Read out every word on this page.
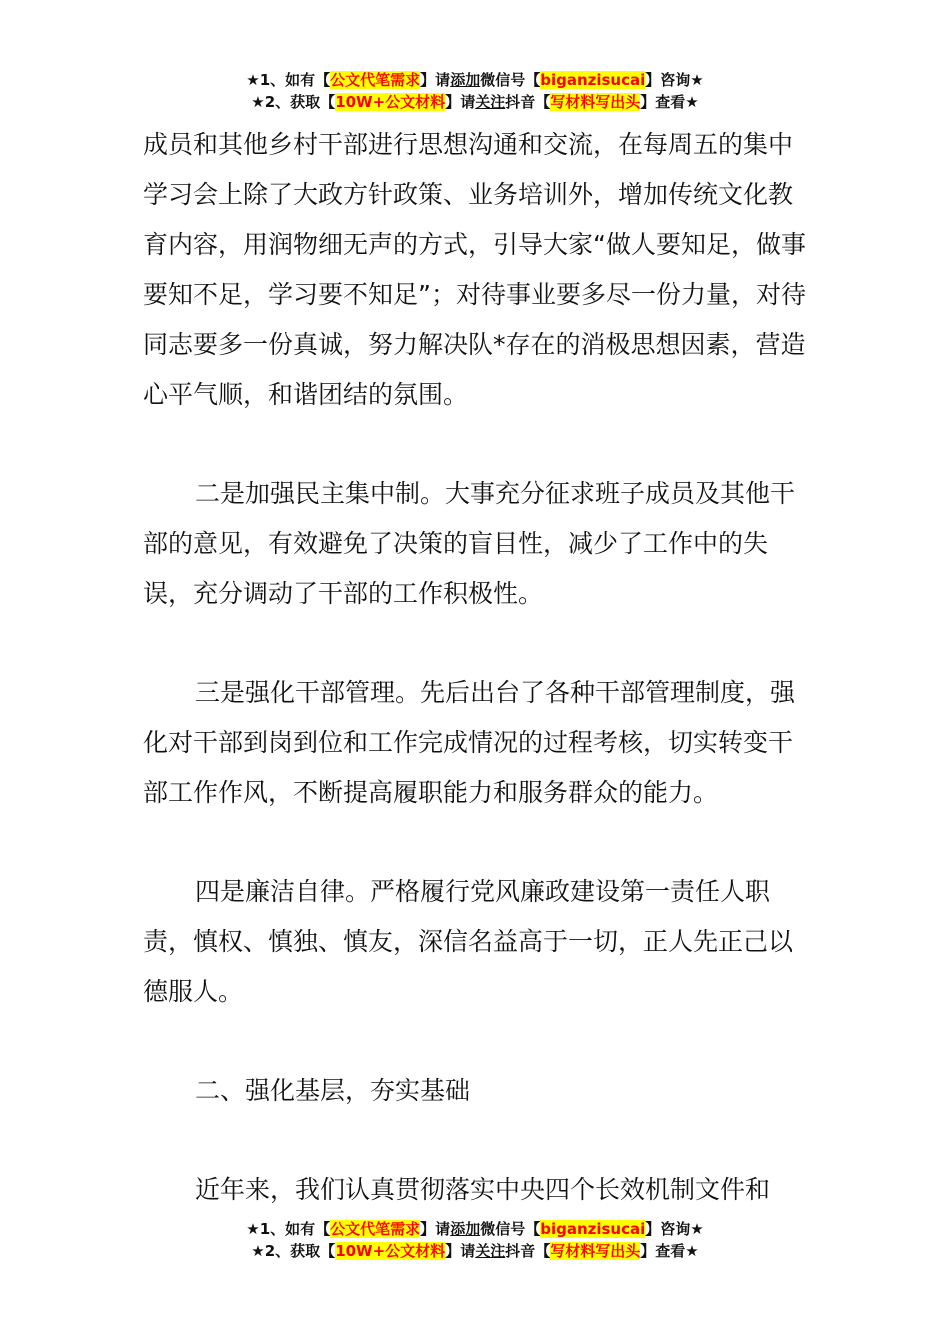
★1、如有【公文代笔需求】请添加微信号【biganzisucai】咨询★
★2、获取【10W+公文材料】请关注抖音【写材料写出头】查看★

成员和其他乡村干部进行思想沟通和交流，在每周五的集中学习会上除了大政方针政策、业务培训外，增加传统文化教育内容，用润物细无声的方式，引导大家“做人要知足，做事要知不足，学习要不知足”；对待事业要多尽一份力量，对待同志要多一份真诚，努力解决队*存在的消极思想因素，营造心平气顺，和谐团结的氛围。

二是加强民主集中制。大事充分征求班子成员及其他干部的意见，有效避免了决策的盲目性，减少了工作中的失误，充分调动了干部的工作积极性。

三是强化干部管理。先后出台了各种干部管理制度，强化对干部到岗到位和工作完成情况的过程考核，切实转变干部工作作风，不断提高履职能力和服务群众的能力。

四是廉洁自律。严格履行党风廉政建设第一责任人职责，慎权、慎独、慎友，深信名益高于一切，正人先正己以德服人。

二、强化基层，夯实基础

近年来，我们认真贯彻落实中央四个长效机制文件和

★1、如有【公文代笔需求】请添加微信号【biganzisucai】咨询★
★2、获取【10W+公文材料】请关注抖音【写材料写出头】查看★
